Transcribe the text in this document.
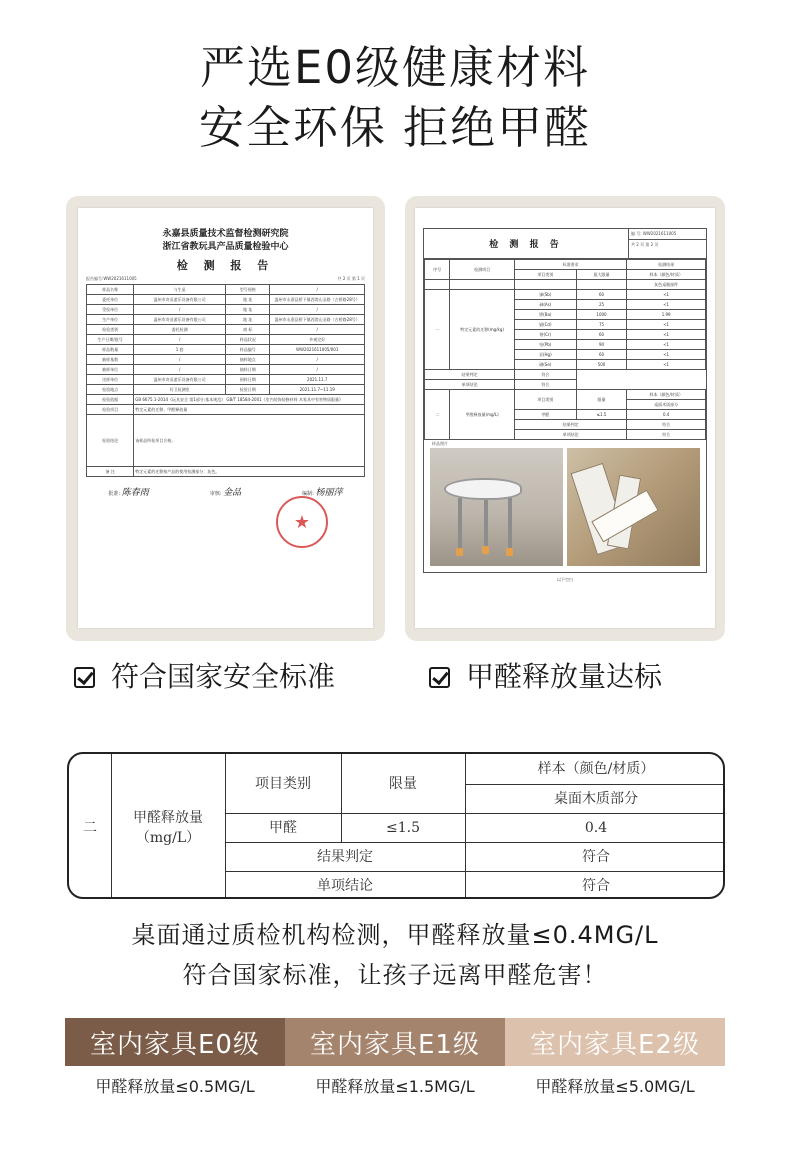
严选E0级健康材料
安全环保 拒绝甲醛
永嘉县质量技术监督检测研究院
浙江省教玩具产品质量检验中心
检 测 报 告
报告编号:WW2021611005	共 2 页 第 1 页
样品名称	与生桌	型号规格	/
委托单位	温州市奇妥游乐设备有限公司	地 址	温州市永嘉县桥下镇西湾山圣路（古桥路28号）
受检单位	/	地 址	/
生产单位	温州市奇妥游乐设备有限公司	地 址	温州市永嘉县桥下镇西湾山圣路（古桥路28号）
检验类别	委托检测	商 标	/
生产日期/批号	/	样品状况	外观完好
样品数量	1 套	样品编号	WW2021611005/001
抽样基数	/	抽样地点	/
抽样单位	/	抽样日期	/
送样单位	温州市奇妥游乐设备有限公司	到样日期	2021.11.7
检验地点	好卫检测室	检验日期	2021.11.7~11.19
检验依据	GB 6675.1-2014《玩具安全 第1部分:基本规范》 GB/T 18584-2001《室内装饰装修材料 木家具中有害物质限量》		
检验项目	特定元素的迁移、甲醛释放量		
检验结论	该样品所检项目合格。		
备 注	特定元素的迁移按产品的使用检测部分：灰色。		
批准: 陈春雨	审核: 金品	编制: 杨丽萍
★
检 测 报 告
编 号: WW2021611005
共 2 页 第 2 页
序号	检测项目	标准要求		检测结果
		项目类别	最大限量	样本（颜色/材质）
				灰色桌腿部件
一	特定元素的迁移(mg/kg)	锑(Sb)	60	<1
		砷(As)	25	<1
		钡(Ba)	1000	1.99
		镉(Cd)	75	<1
		铬(Cr)	60	<1
		铅(Pb)	90	<1
		汞(Hg)	60	<1
		硒(Se)	500	<1
结果判定		符合		
单项结论		符合		
二	甲醛释放量(mg/L)	项目类别	限量	样本（颜色/材质）
				桌面木质部分
		甲醛	≤1.5	0.4
		结果判定		符合
		单项结论		符合
样品照片
以下空白
符合国家安全标准	甲醛释放量达标
二
甲醛释放量
（mg/L）
项目类别	限量
样本（颜色/材质）
桌面木质部分
甲醛	≤1.5	0.4
结果判定	符合
单项结论	符合
桌面通过质检机构检测，甲醛释放量≤0.4MG/L
符合国家标准，让孩子远离甲醛危害！
室内家具E0级	室内家具E1级	室内家具E2级
甲醛释放量≤0.5MG/L	甲醛释放量≤1.5MG/L	甲醛释放量≤5.0MG/L
